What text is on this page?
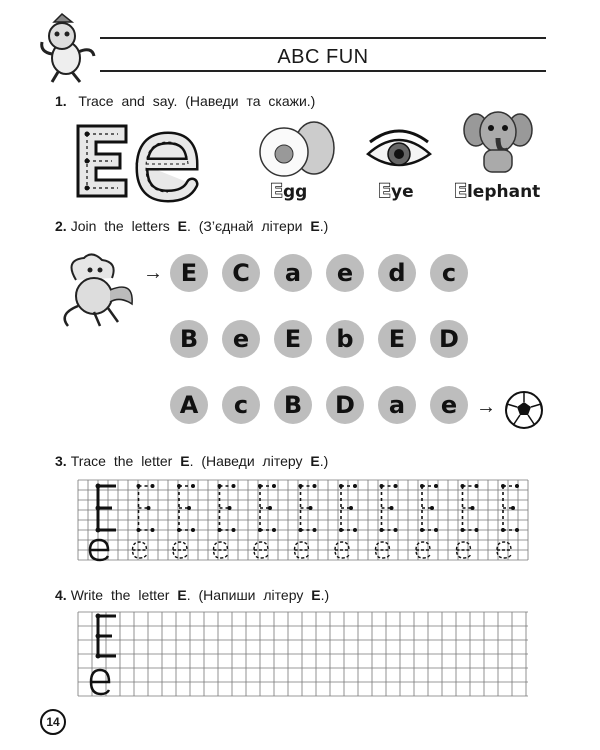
ABC FUN
1. Trace and say. (Наведи та скажи.)
Egg	Eye Elephant
2. Join the letters E. (З’єднай літери E.)
→ E	C	a	e	d	c
B	e	E	b	E	D
A	c	B	D	a	e →
3. Trace the letter E. (Наведи літеру E.)
4. Write the letter E. (Напиши літеру E.)
14
